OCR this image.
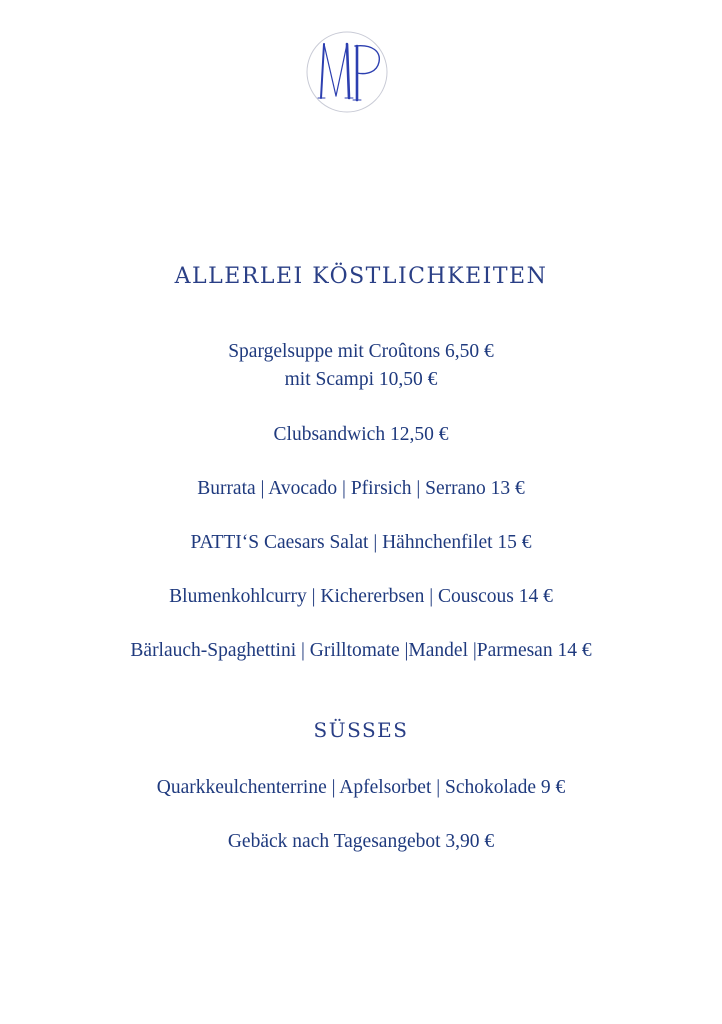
ALLERLEI KÖSTLICHKEITEN
Spargelsuppe mit Croûtons 6,50 €
mit Scampi 10,50 €
Clubsandwich 12,50 €
Burrata | Avocado | Pfirsich | Serrano 13 €
PATTI‘S Caesars Salat | Hähnchenfilet 15 €
Blumenkohlcurry | Kichererbsen | Couscous 14 €
Bärlauch-Spaghettini | Grilltomate |Mandel |Parmesan 14 €
SÜSSES
Quarkkeulchenterrine | Apfelsorbet | Schokolade 9 €
Gebäck nach Tagesangebot 3,90 €
